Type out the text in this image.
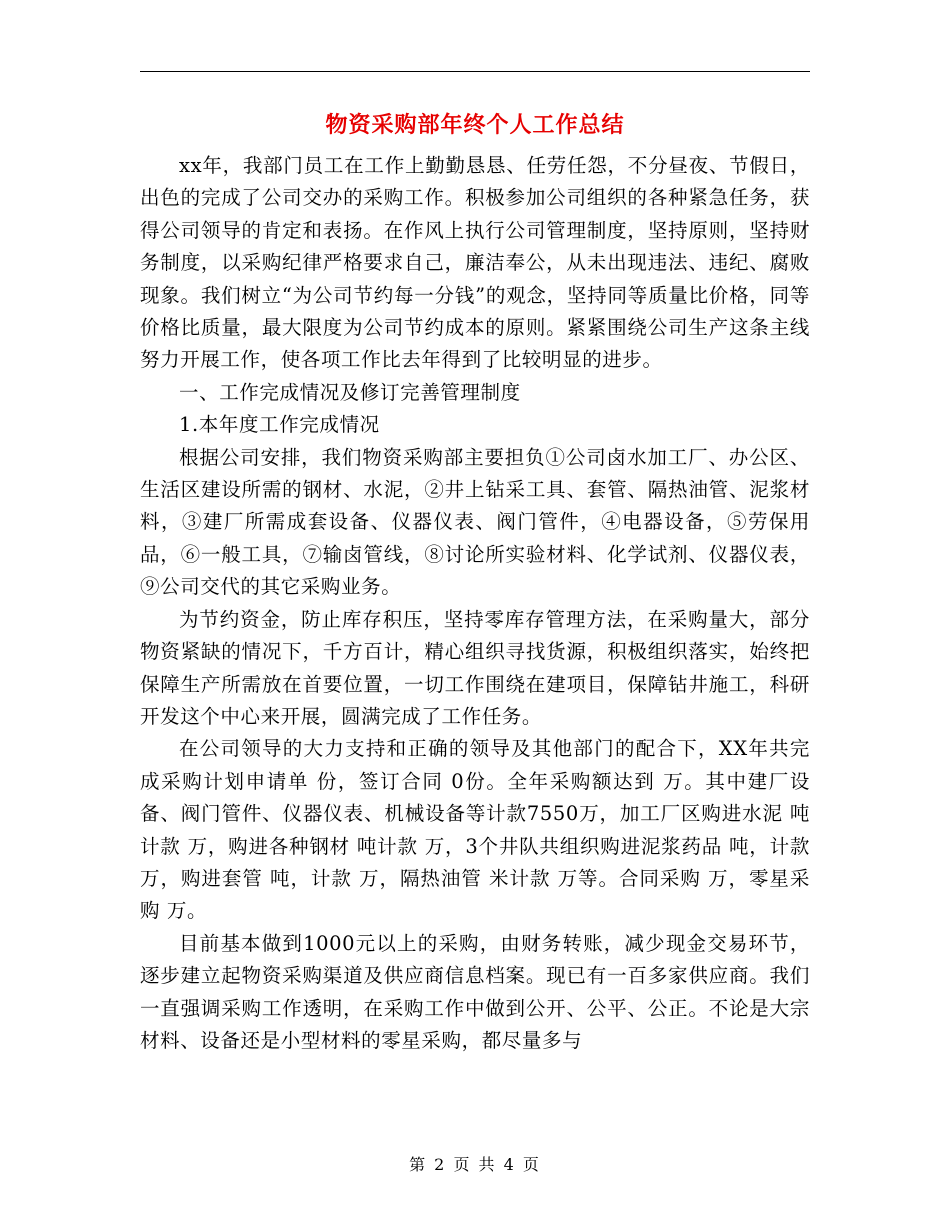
物资采购部年终个人工作总结

xx年，我部门员工在工作上勤勤恳恳、任劳任怨，不分昼夜、节假日，出色的完成了公司交办的采购工作。积极参加公司组织的各种紧急任务，获得公司领导的肯定和表扬。在作风上执行公司管理制度，坚持原则，坚持财务制度，以采购纪律严格要求自己，廉洁奉公，从未出现违法、违纪、腐败现象。我们树立“为公司节约每一分钱”的观念，坚持同等质量比价格，同等价格比质量，最大限度为公司节约成本的原则。紧紧围绕公司生产这条主线努力开展工作，使各项工作比去年得到了比较明显的进步。

一、工作完成情况及修订完善管理制度

1.本年度工作完成情况

根据公司安排，我们物资采购部主要担负①公司卤水加工厂、办公区、生活区建设所需的钢材、水泥，②井上钻采工具、套管、隔热油管、泥浆材料，③建厂所需成套设备、仪器仪表、阀门管件，④电器设备，⑤劳保用品，⑥一般工具，⑦输卤管线，⑧讨论所实验材料、化学试剂、仪器仪表，⑨公司交代的其它采购业务。

为节约资金，防止库存积压，坚持零库存管理方法，在采购量大，部分物资紧缺的情况下，千方百计，精心组织寻找货源，积极组织落实，始终把保障生产所需放在首要位置，一切工作围绕在建项目，保障钻井施工，科研开发这个中心来开展，圆满完成了工作任务。

在公司领导的大力支持和正确的领导及其他部门的配合下，XX年共完成采购计划申请单 份，签订合同 0份。全年采购额达到 万。其中建厂设备、阀门管件、仪器仪表、机械设备等计款7550万，加工厂区购进水泥 吨计款 万，购进各种钢材 吨计款 万，3个井队共组织购进泥浆药品 吨，计款 万，购进套管 吨，计款 万，隔热油管 米计款 万等。合同采购 万，零星采购 万。

目前基本做到1000元以上的采购，由财务转账，减少现金交易环节，逐步建立起物资采购渠道及供应商信息档案。现已有一百多家供应商。我们一直强调采购工作透明，在采购工作中做到公开、公平、公正。不论是大宗材料、设备还是小型材料的零星采购，都尽量多与

第 2 页 共 4 页
